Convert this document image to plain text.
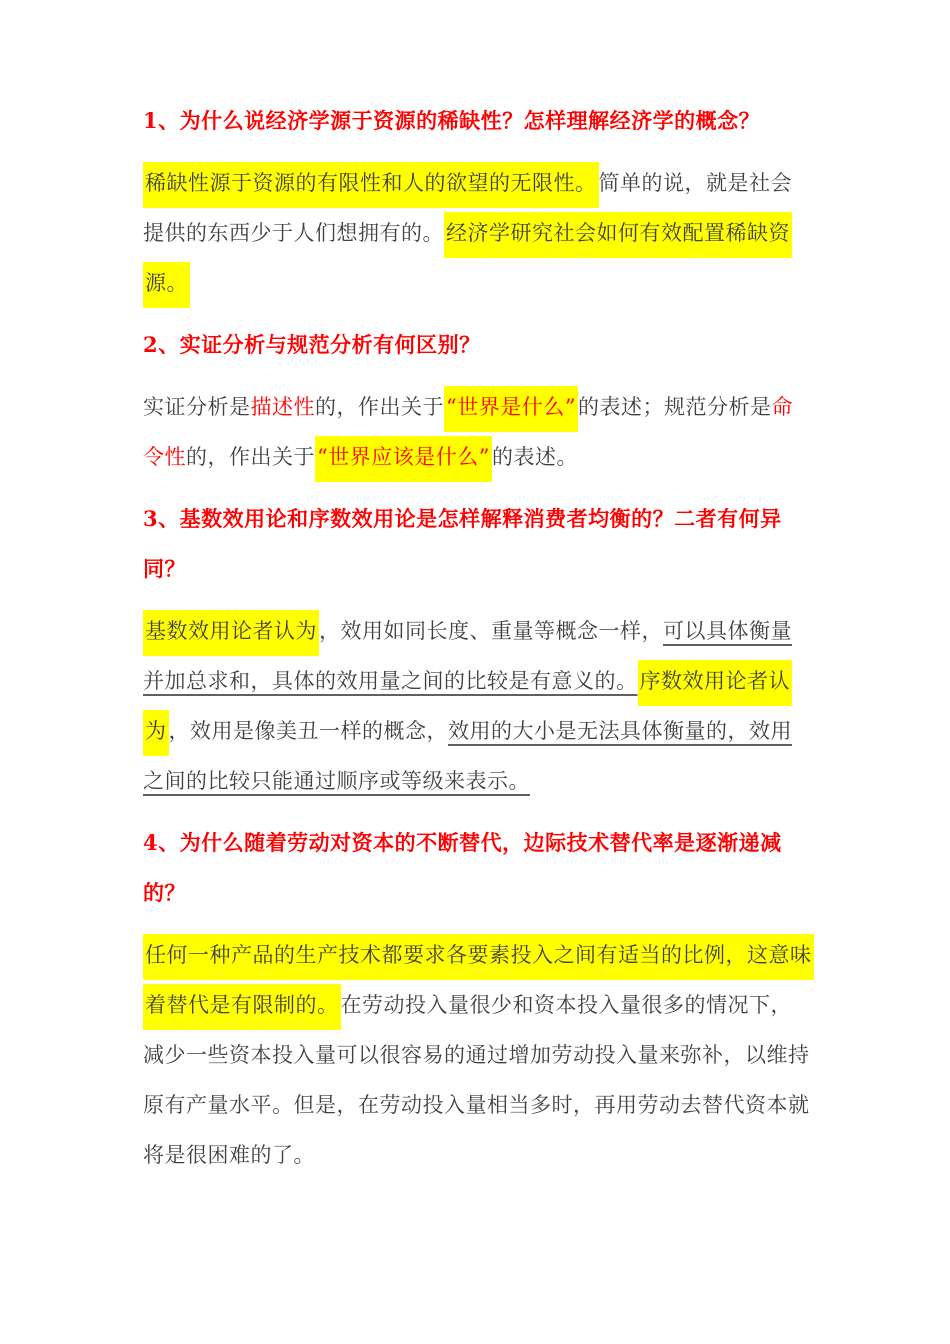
1、为什么说经济学源于资源的稀缺性？怎样理解经济学的概念？

稀缺性源于资源的有限性和人的欲望的无限性。简单的说，就是社会提供的东西少于人们想拥有的。经济学研究社会如何有效配置稀缺资源。

2、实证分析与规范分析有何区别？

实证分析是描述性的，作出关于“世界是什么”的表述；规范分析是命令性的，作出关于“世界应该是什么”的表述。

3、基数效用论和序数效用论是怎样解释消费者均衡的？二者有何异同？

基数效用论者认为，效用如同长度、重量等概念一样，可以具体衡量并加总求和，具体的效用量之间的比较是有意义的。序数效用论者认为，效用是像美丑一样的概念，效用的大小是无法具体衡量的，效用之间的比较只能通过顺序或等级来表示。

4、为什么随着劳动对资本的不断替代，边际技术替代率是逐渐递减的？

任何一种产品的生产技术都要求各要素投入之间有适当的比例，这意味着替代是有限制的。在劳动投入量很少和资本投入量很多的情况下，减少一些资本投入量可以很容易的通过增加劳动投入量来弥补，以维持原有产量水平。但是，在劳动投入量相当多时，再用劳动去替代资本就将是很困难的了。
